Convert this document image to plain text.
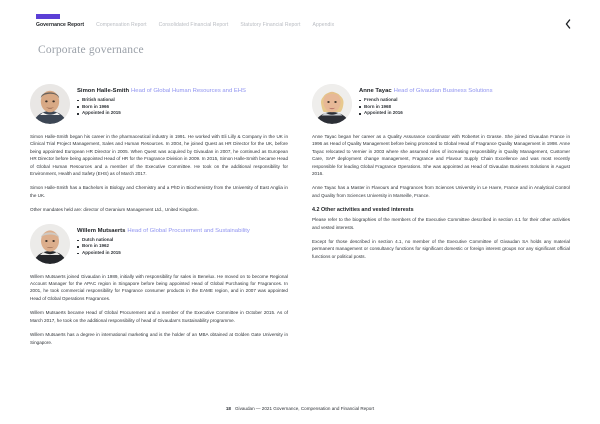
Governance Report Compensation Report Consolidated Financial Report Statutory Financial Report Appendix
Corporate governance
Simon Halle-Smith Head of Global Human Resources and EHS
British national
Born in 1966
Appointed in 2015

Simon Halle-Smith began his career in the pharmaceutical industry in 1991. He worked with Eli Lilly & Company in the UK in Clinical Trial Project Management, Sales and Human Resources. In 2004, he joined Quest as HR Director for the UK, before being appointed European HR Director in 2005. When Quest was acquired by Givaudan in 2007, he continued as European HR Director before being appointed Head of HR for the Fragrance Division in 2009. In 2015, Simon Halle-Smith became Head of Global Human Resources and a member of the Executive Committee. He took on the additional responsibility for Environment, Health and Safety (EHS) as of March 2017.

Simon Halle-Smith has a Bachelors in Biology and Chemistry and a PhD in Biochemistry from the University of East Anglia in the UK.

Other mandates held are: director of Geranium Management Ltd., United Kingdom.

Willem Mutsaerts Head of Global Procurement and Sustainability
Dutch national
Born in 1962
Appointed in 2015

Willem Mutsaerts joined Givaudan in 1989, initially with responsibility for sales in Benelux. He moved on to become Regional Account Manager for the APAC region in Singapore before being appointed Head of Global Purchasing for Fragrances. In 2001, he took commercial responsibility for Fragrance consumer products in the EAME region, and in 2007 was appointed Head of Global Operations Fragrances.

Willem Mutsaerts became Head of Global Procurement and a member of the Executive Committee in October 2015. As of March 2017, he took on the additional responsibility of head of Givaudan's Sustainability programme.

Willem Mutsaerts has a degree in international marketing and is the holder of an MBA obtained at Golden Gate University in Singapore.

Anne Tayac Head of Givaudan Business Solutions
French national
Born in 1968
Appointed in 2016

Anne Tayac began her career as a Quality Assurance coordinator with Robertet in Grasse. She joined Givaudan France in 1996 as Head of Quality Management before being promoted to Global Head of Fragrance Quality Management in 1998. Anne Tayac relocated to Vernier in 2003 where she assumed roles of increasing responsibility in Quality Management, Customer Care, SAP deployment change management, Fragrance and Flavour Supply Chain Excellence and was most recently responsible for leading Global Fragrance Operations. She was appointed as Head of Givaudan Business Solutions in August 2016.

Anne Tayac has a Master in Flavours and Fragrances from Sciences University in Le Havre, France and in Analytical Control and Quality from Sciences University in Marseille, France.

4.2 Other activities and vested interests

Please refer to the biographies of the members of the Executive Committee described in section 4.1 for their other activities and vested interests.

Except for those described in section 4.1, no member of the Executive Committee of Givaudan SA holds any material permanent management or consultancy functions for significant domestic or foreign interest groups nor any significant official functions or political posts.

18 Givaudan — 2021 Governance, Compensation and Financial Report
